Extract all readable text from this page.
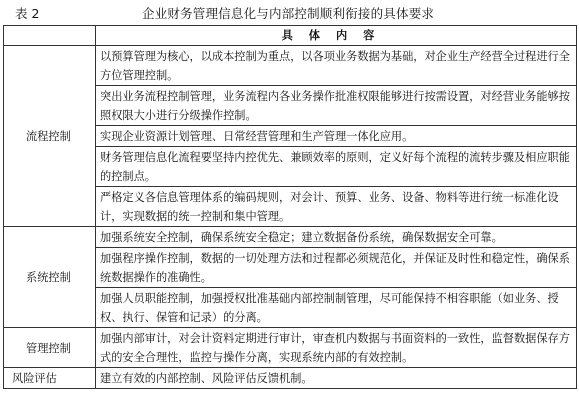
表 2	企业财务管理信息化与内部控制顺利衔接的具体要求
	具体内容
流程控制	以预算管理为核心，以成本控制为重点，以各项业务数据为基础，对企业生产经营全过程进行全方位管理控制。
	突出业务流程控制管理，业务流程内各业务操作批准权限能够进行按需设置，对经营业务能够按照权限大小进行分级操作控制。
	实现企业资源计划管理、日常经营管理和生产管理一体化应用。
	财务管理信息化流程要坚持内控优先、兼顾效率的原则，定义好每个流程的流转步骤及相应职能的控制点。
	严格定义各信息管理体系的编码规则，对会计、预算、业务、设备、物料等进行统一标准化设计，实现数据的统一控制和集中管理。
系统控制	加强系统安全控制，确保系统安全稳定；建立数据备份系统，确保数据安全可靠。
	加强程序操作控制，数据的一切处理方法和过程都必须规范化，并保证及时性和稳定性，确保系统数据操作的准确性。
	加强人员职能控制，加强授权批准基础内部控制制管理，尽可能保持不相容职能（如业务、授权、执行、保管和记录）的分离。
管理控制	加强内部审计，对会计资料定期进行审计，审查机内数据与书面资料的一致性，监督数据保存方式的安全合理性，监控与操作分离，实现系统内部的有效控制。
风险评估	建立有效的内部控制、风险评估反馈机制。
